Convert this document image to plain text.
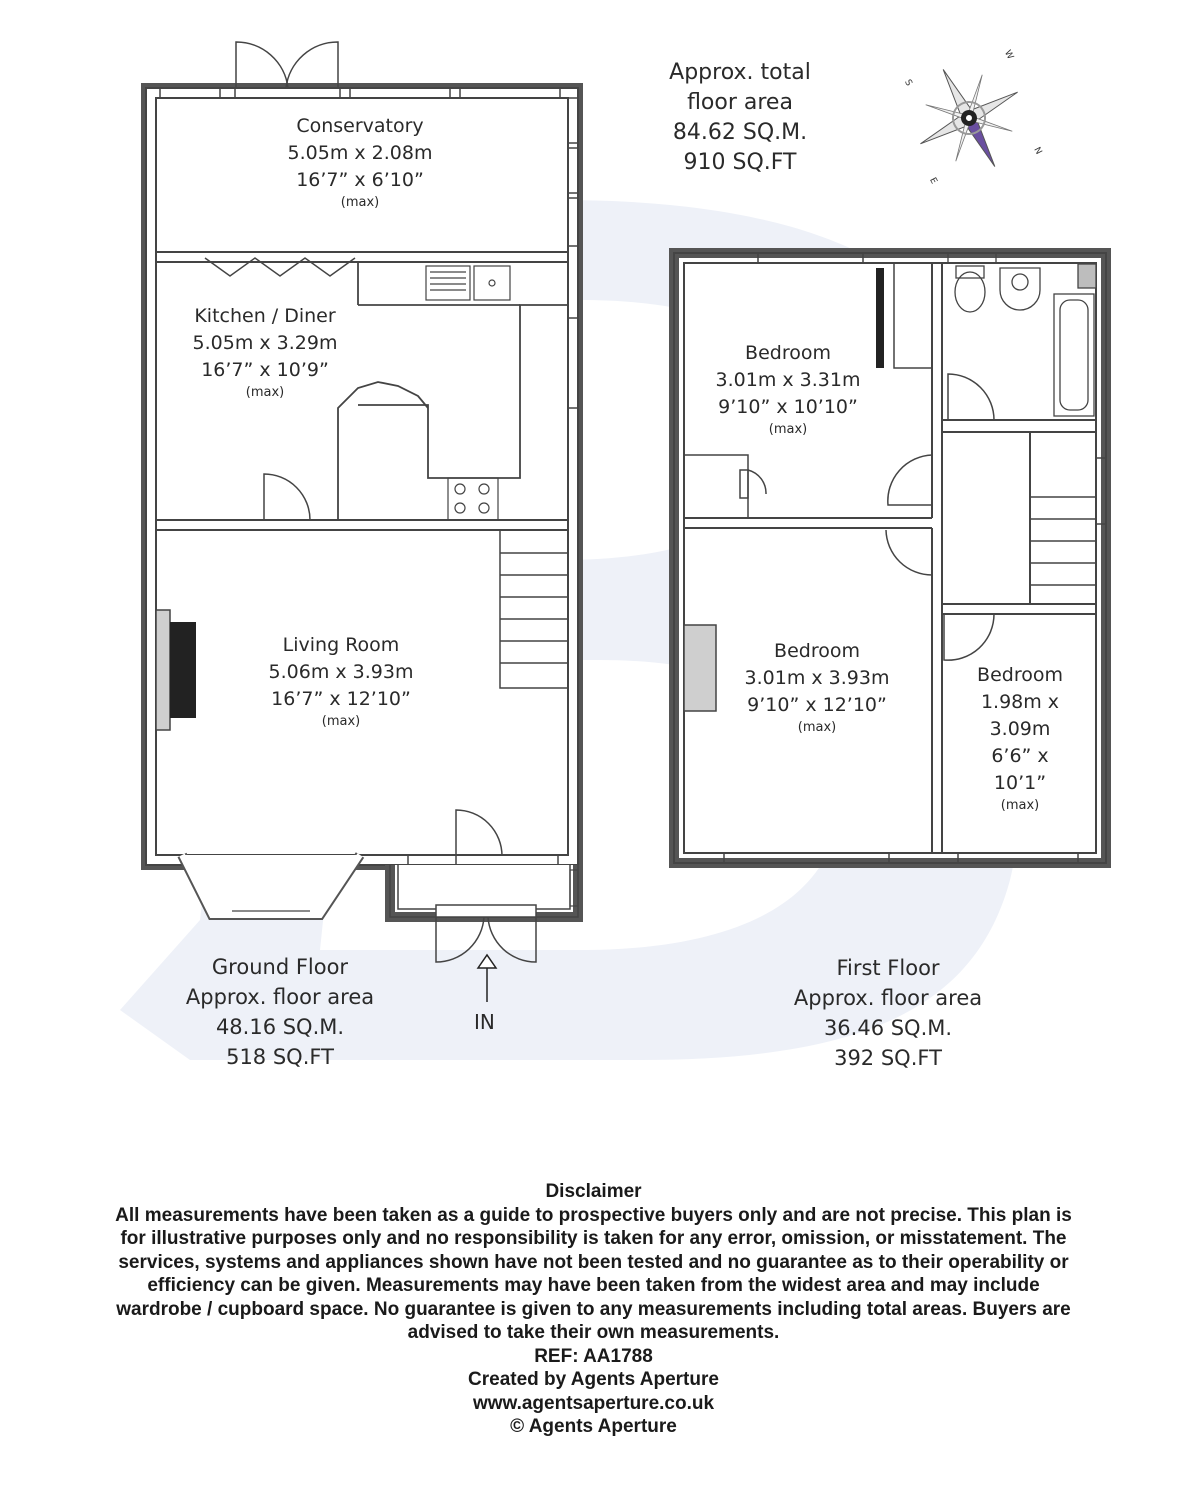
N
S
E
W
Approx. total
floor area
84.62 SQ.M.
910 SQ.FT
Conservatory
5.05m x 2.08m
16’7” x 6’10”
(max)
Kitchen / Diner
5.05m x 3.29m
16’7” x 10’9”
(max)
Living Room
5.06m x 3.93m
16’7” x 12’10”
(max)
Bedroom
3.01m x 3.31m
9’10” x 10’10”
(max)
Bedroom
3.01m x 3.93m
9’10” x 12’10”
(max)
Bedroom
1.98m x
3.09m
6’6” x
10’1”
(max)
IN
Ground Floor
Approx. floor area
48.16 SQ.M.
518 SQ.FT
First Floor
Approx. floor area
36.46 SQ.M.
392 SQ.FT
Disclaimer
All measurements have been taken as a guide to prospective buyers only and are not precise. This plan is
for illustrative purposes only and no responsibility is taken for any error, omission, or misstatement. The
services, systems and appliances shown have not been tested and no guarantee as to their operability or
efficiency can be given. Measurements may have been taken from the widest area and may include
wardrobe / cupboard space. No guarantee is given to any measurements including total areas. Buyers are
advised to take their own measurements.
REF: AA1788
Created by Agents Aperture
www.agentsaperture.co.uk
© Agents Aperture
